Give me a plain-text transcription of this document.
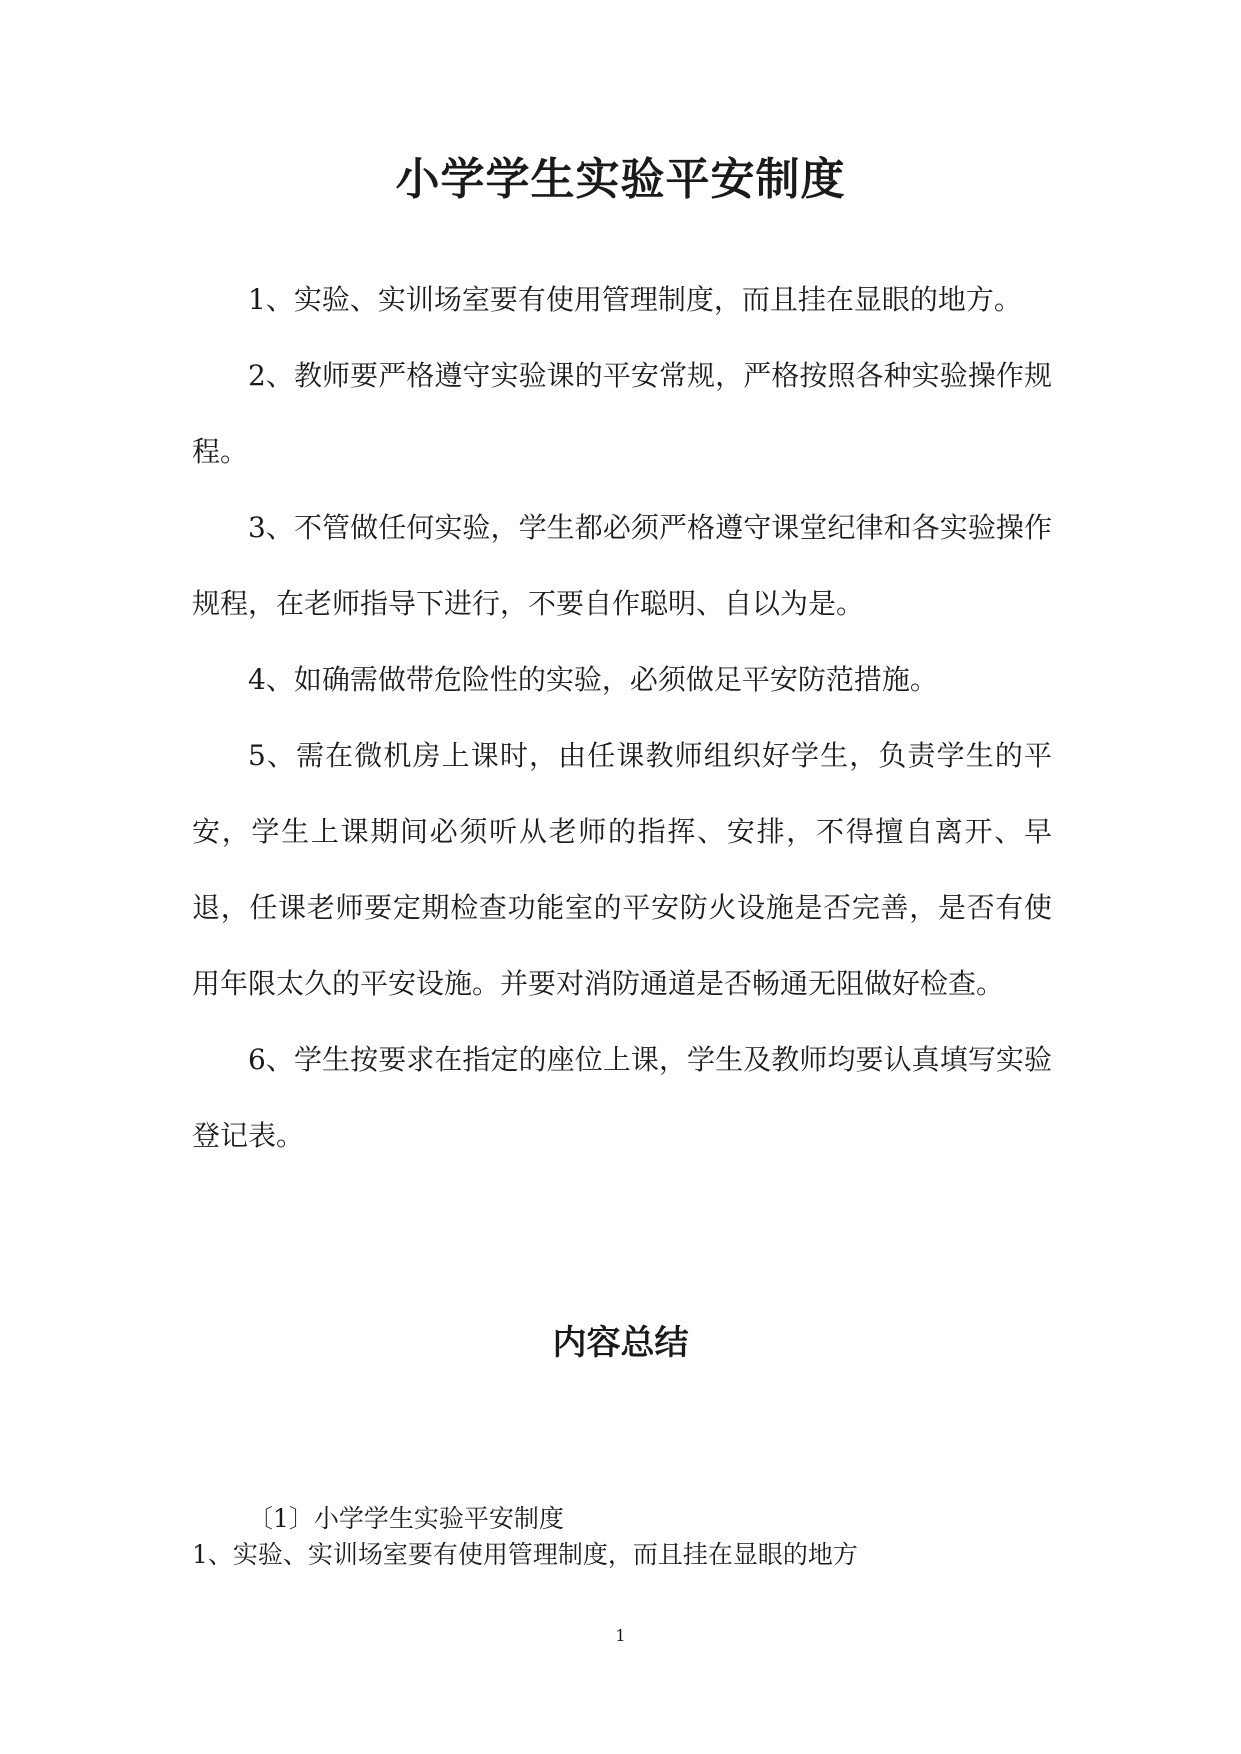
小学学生实验平安制度

1、实验、实训场室要有使用管理制度，而且挂在显眼的地方。

2、教师要严格遵守实验课的平安常规，严格按照各种实验操作规程。

3、不管做任何实验，学生都必须严格遵守课堂纪律和各实验操作规程，在老师指导下进行，不要自作聪明、自以为是。

4、如确需做带危险性的实验，必须做足平安防范措施。

5、需在微机房上课时，由任课教师组织好学生，负责学生的平安，学生上课期间必须听从老师的指挥、安排，不得擅自离开、早退，任课老师要定期检查功能室的平安防火设施是否完善，是否有使用年限太久的平安设施。并要对消防通道是否畅通无阻做好检查。

6、学生按要求在指定的座位上课，学生及教师均要认真填写实验登记表。

内容总结

〔1〕小学学生实验平安制度

1、实验、实训场室要有使用管理制度，而且挂在显眼的地方

1
